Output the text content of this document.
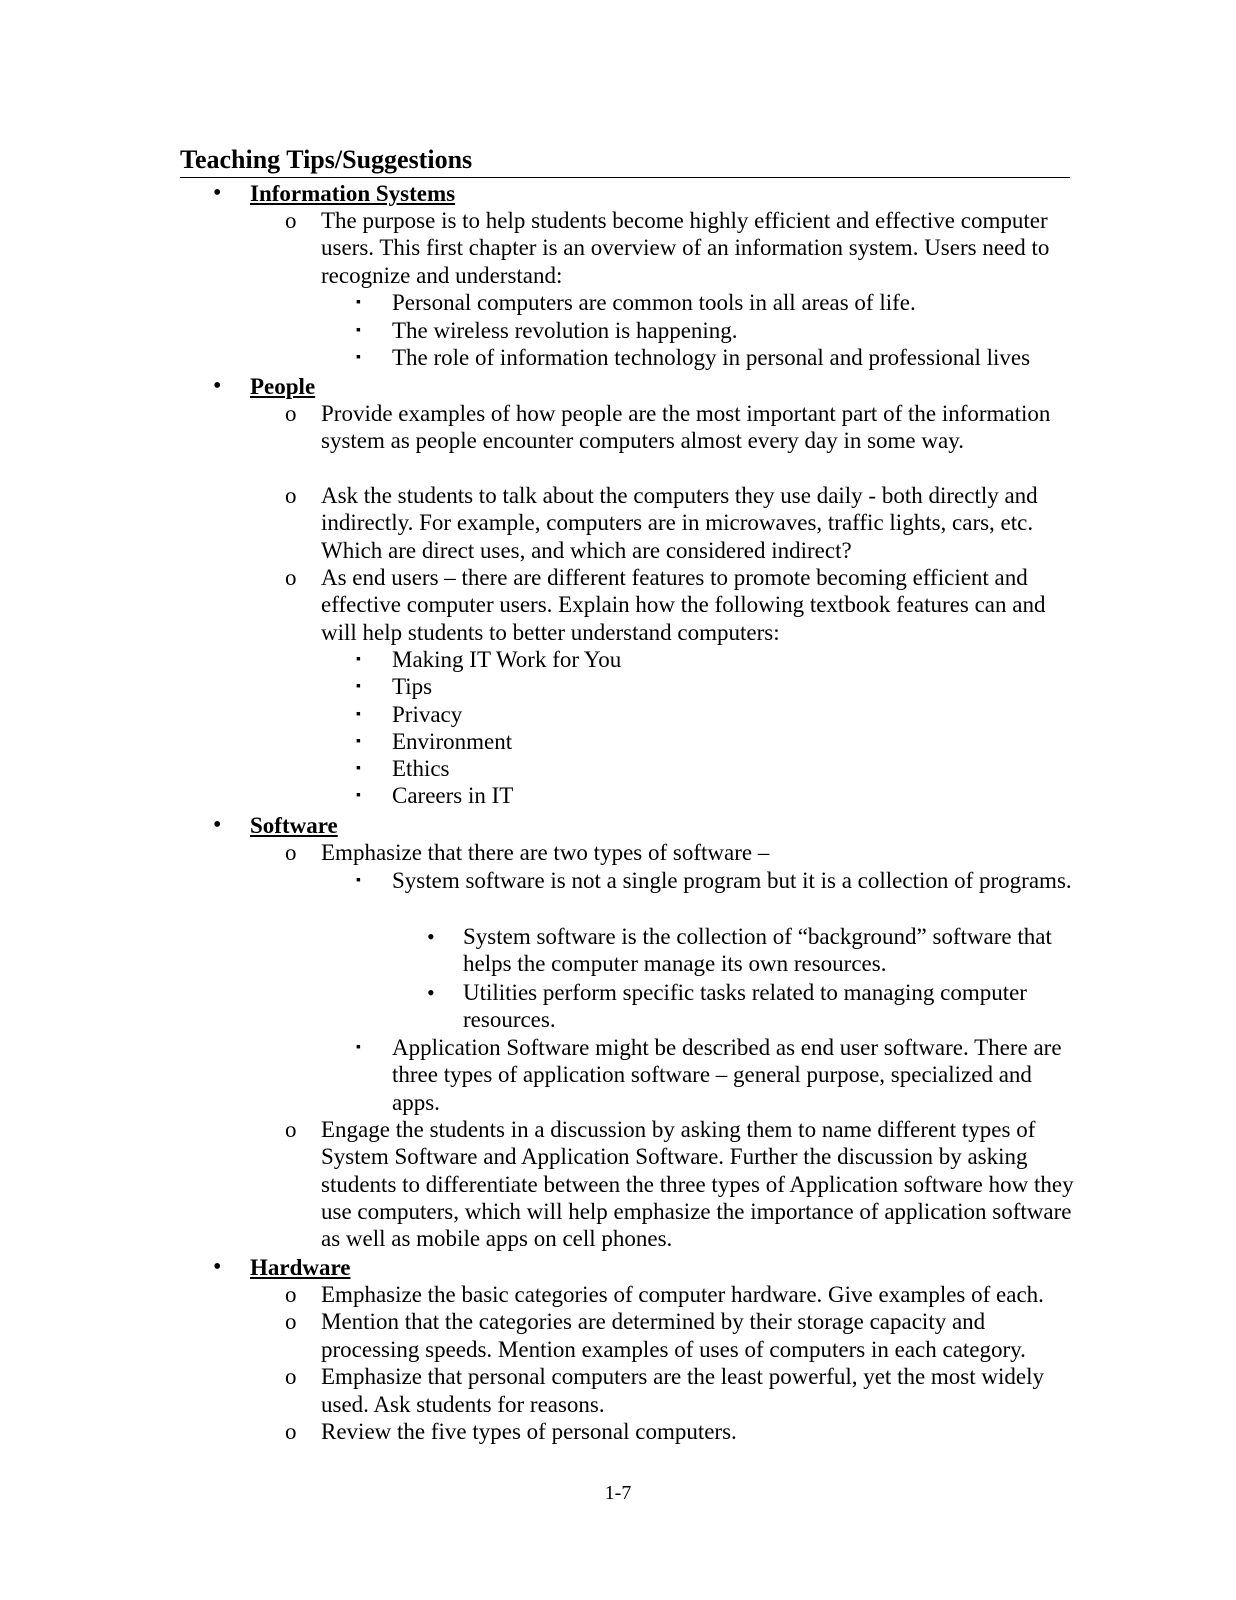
Teaching Tips/Suggestions
• Information Systems
o The purpose is to help students become highly efficient and effective computer users. This first chapter is an overview of an information system. Users need to recognize and understand:
▪ Personal computers are common tools in all areas of life.
▪ The wireless revolution is happening.
▪ The role of information technology in personal and professional lives
• People
o Provide examples of how people are the most important part of the information system as people encounter computers almost every day in some way.
o Ask the students to talk about the computers they use daily - both directly and indirectly. For example, computers are in microwaves, traffic lights, cars, etc. Which are direct uses, and which are considered indirect?
o As end users – there are different features to promote becoming efficient and effective computer users. Explain how the following textbook features can and will help students to better understand computers:
▪ Making IT Work for You
▪ Tips
▪ Privacy
▪ Environment
▪ Ethics
▪ Careers in IT
• Software
o Emphasize that there are two types of software –
▪ System software is not a single program but it is a collection of programs.
• System software is the collection of “background” software that helps the computer manage its own resources.
• Utilities perform specific tasks related to managing computer resources.
▪ Application Software might be described as end user software. There are three types of application software – general purpose, specialized and apps.
o Engage the students in a discussion by asking them to name different types of System Software and Application Software. Further the discussion by asking students to differentiate between the three types of Application software how they use computers, which will help emphasize the importance of application software as well as mobile apps on cell phones.
• Hardware
o Emphasize the basic categories of computer hardware. Give examples of each.
o Mention that the categories are determined by their storage capacity and processing speeds. Mention examples of uses of computers in each category.
o Emphasize that personal computers are the least powerful, yet the most widely used. Ask students for reasons.
o Review the five types of personal computers.
1-7
